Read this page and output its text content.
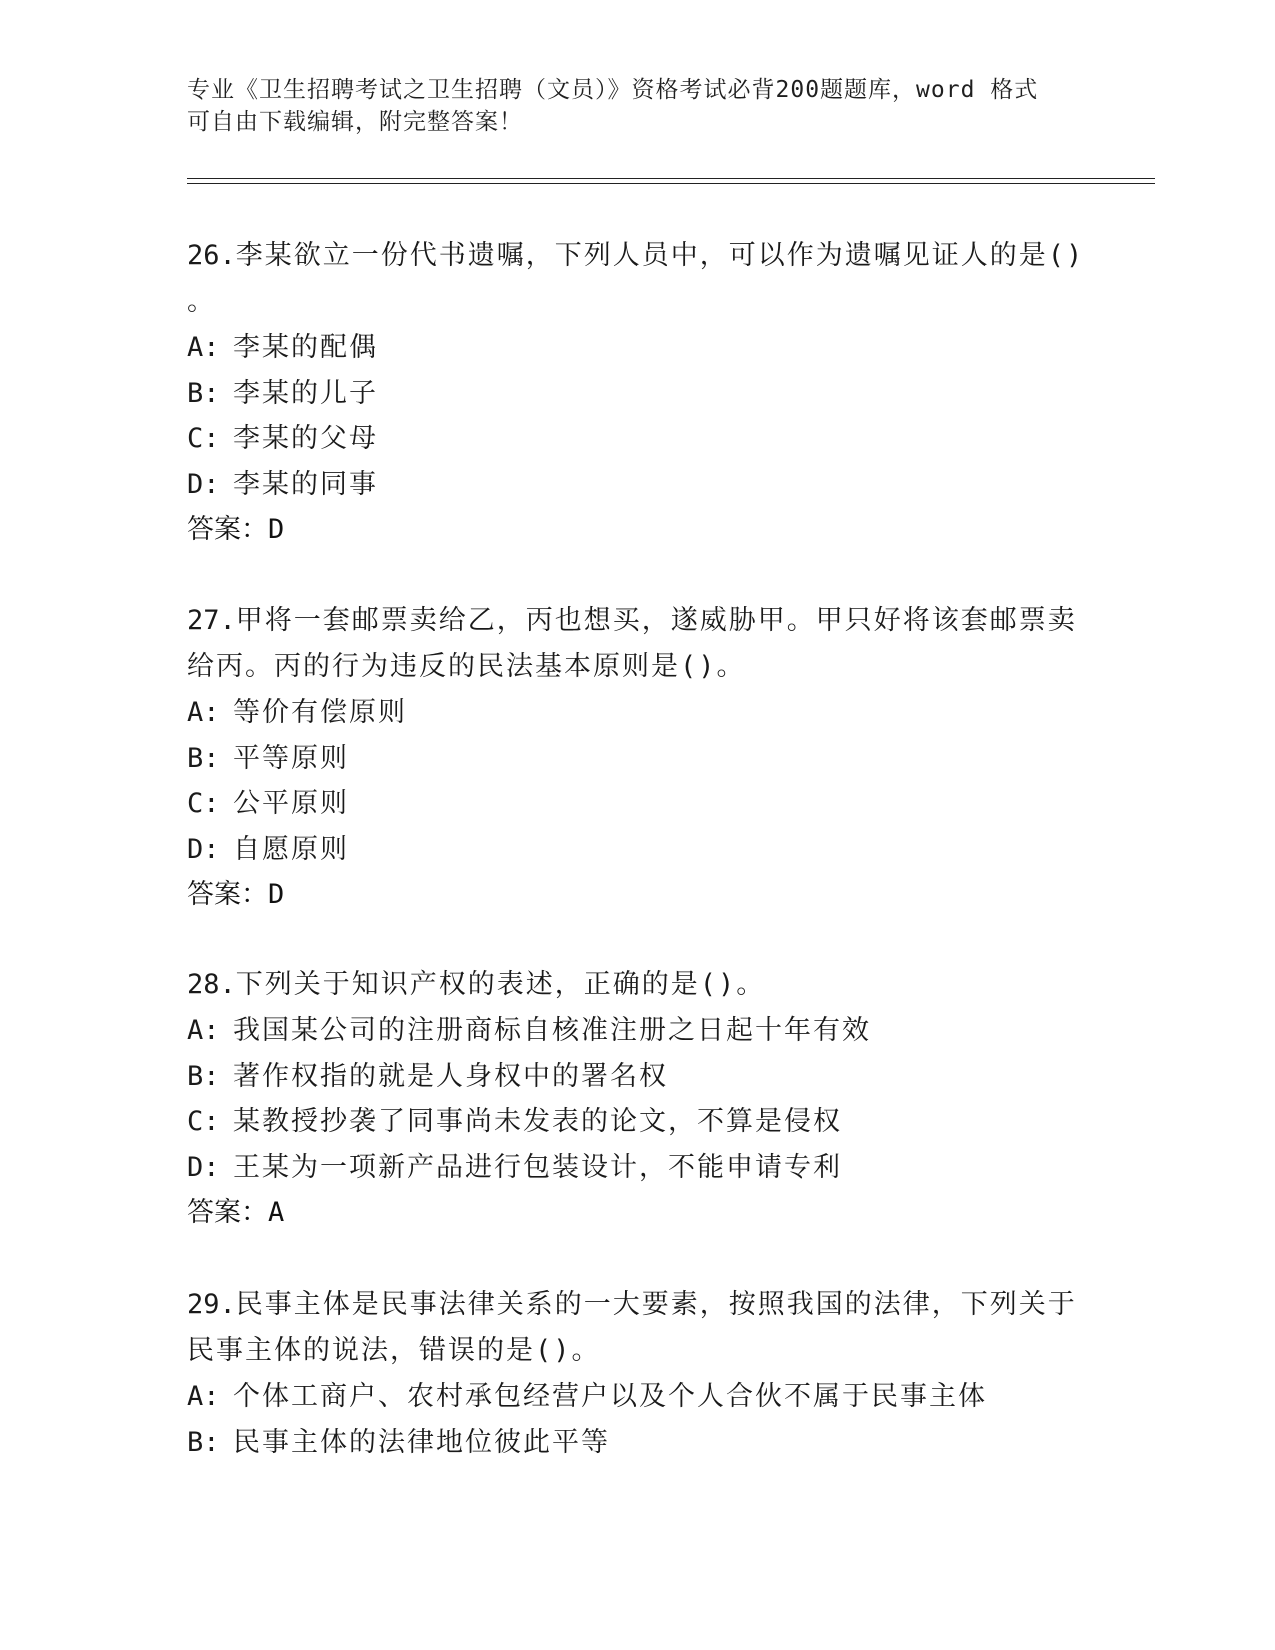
专业《卫生招聘考试之卫生招聘（文员）》资格考试必背200题题库，word 格式
可自由下载编辑，附完整答案！
26.李某欲立一份代书遗嘱，下列人员中，可以作为遗嘱见证人的是()
。
A: 李某的配偶
B: 李某的儿子
C: 李某的父母
D: 李某的同事
答案：D
27.甲将一套邮票卖给乙，丙也想买，遂威胁甲。甲只好将该套邮票卖
给丙。丙的行为违反的民法基本原则是()。
A: 等价有偿原则
B: 平等原则
C: 公平原则
D: 自愿原则
答案：D
28.下列关于知识产权的表述，正确的是()。
A: 我国某公司的注册商标自核准注册之日起十年有效
B: 著作权指的就是人身权中的署名权
C: 某教授抄袭了同事尚未发表的论文，不算是侵权
D: 王某为一项新产品进行包装设计，不能申请专利
答案：A
29.民事主体是民事法律关系的一大要素，按照我国的法律，下列关于
民事主体的说法，错误的是()。
A: 个体工商户、农村承包经营户以及个人合伙不属于民事主体
B: 民事主体的法律地位彼此平等
